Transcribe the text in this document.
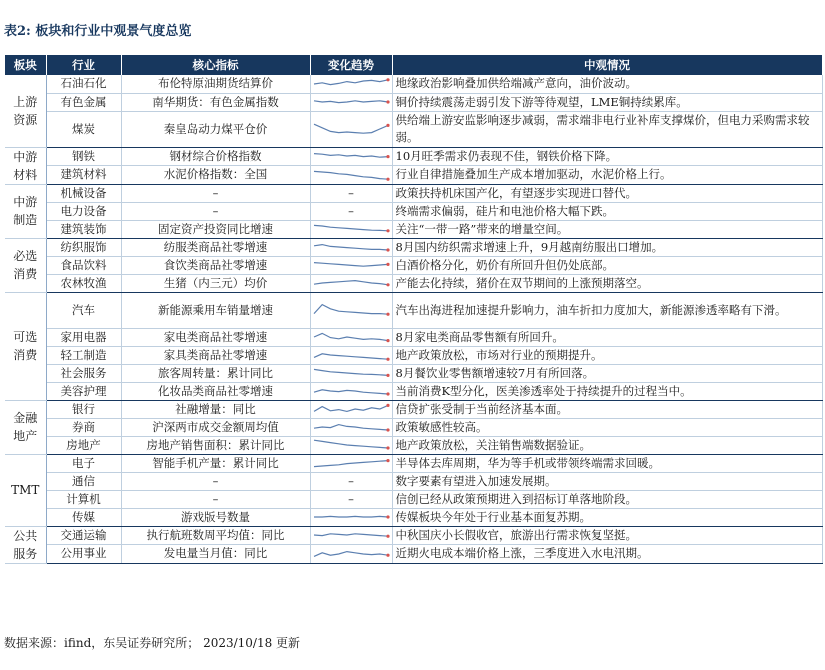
表2: 板块和行业中观景气度总览
板块	行业	核心指标	变化趋势	中观情况
上游
资源	石油石化	布伦特原油期货结算价		地缘政治影响叠加供给端减产意向，油价波动。
	有色金属	南华期货：有色金属指数		铜价持续震荡走弱引发下游等待观望，LME铜持续累库。
	煤炭	秦皇岛动力煤平仓价		供给端上游安监影响逐步减弱，需求端非电行业补库支撑煤价，但电力采购需求较弱。
中游
材料	钢铁	钢材综合价格指数		10月旺季需求仍表现不佳，钢铁价格下降。
	建筑材料	水泥价格指数：全国		行业自律措施叠加生产成本增加驱动，水泥价格上行。
中游
制造	机械设备	–	–	政策扶持机床国产化，有望逐步实现进口替代。
	电力设备	–	–	终端需求偏弱，硅片和电池价格大幅下跌。
	建筑装饰	固定资产投资同比增速		关注“一带一路”带来的增量空间。
必选
消费	纺织服饰	纺服类商品社零增速		8月国内纺织需求增速上升，9月越南纺服出口增加。
	食品饮料	食饮类商品社零增速		白酒价格分化，奶价有所回升但仍处底部。
	农林牧渔	生猪（内三元）均价		产能去化持续，猪价在双节期间的上涨预期落空。
可选
消费	汽车	新能源乘用车销量增速		汽车出海进程加速提升影响力，油车折扣力度加大，新能源渗透率略有下滑。
	家用电器	家电类商品社零增速		8月家电类商品零售额有所回升。
	轻工制造	家具类商品社零增速		地产政策放松，市场对行业的预期提升。
	社会服务	旅客周转量：累计同比		8月餐饮业零售额增速较7月有所回落。
	美容护理	化妆品类商品社零增速		当前消费K型分化，医美渗透率处于持续提升的过程当中。
金融
地产	银行	社融增量：同比		信贷扩张受制于当前经济基本面。
	券商	沪深两市成交金额周均值		政策敏感性较高。
	房地产	房地产销售面积：累计同比		地产政策放松，关注销售端数据验证。
TMT	电子	智能手机产量：累计同比		半导体去库周期，华为等手机或带领终端需求回暖。
	通信	–	–	数字要素有望进入加速发展期。
	计算机	–	–	信创已经从政策预期进入到招标订单落地阶段。
	传媒	游戏版号数量		传媒板块今年处于行业基本面复苏期。
公共
服务	交通运输	执行航班数周平均值：同比		中秋国庆小长假收官，旅游出行需求恢复坚挺。
	公用事业	发电量当月值：同比		近期火电成本端价格上涨，三季度进入水电汛期。
数据来源：ifind，东吴证券研究所； 2023/10/18 更新
